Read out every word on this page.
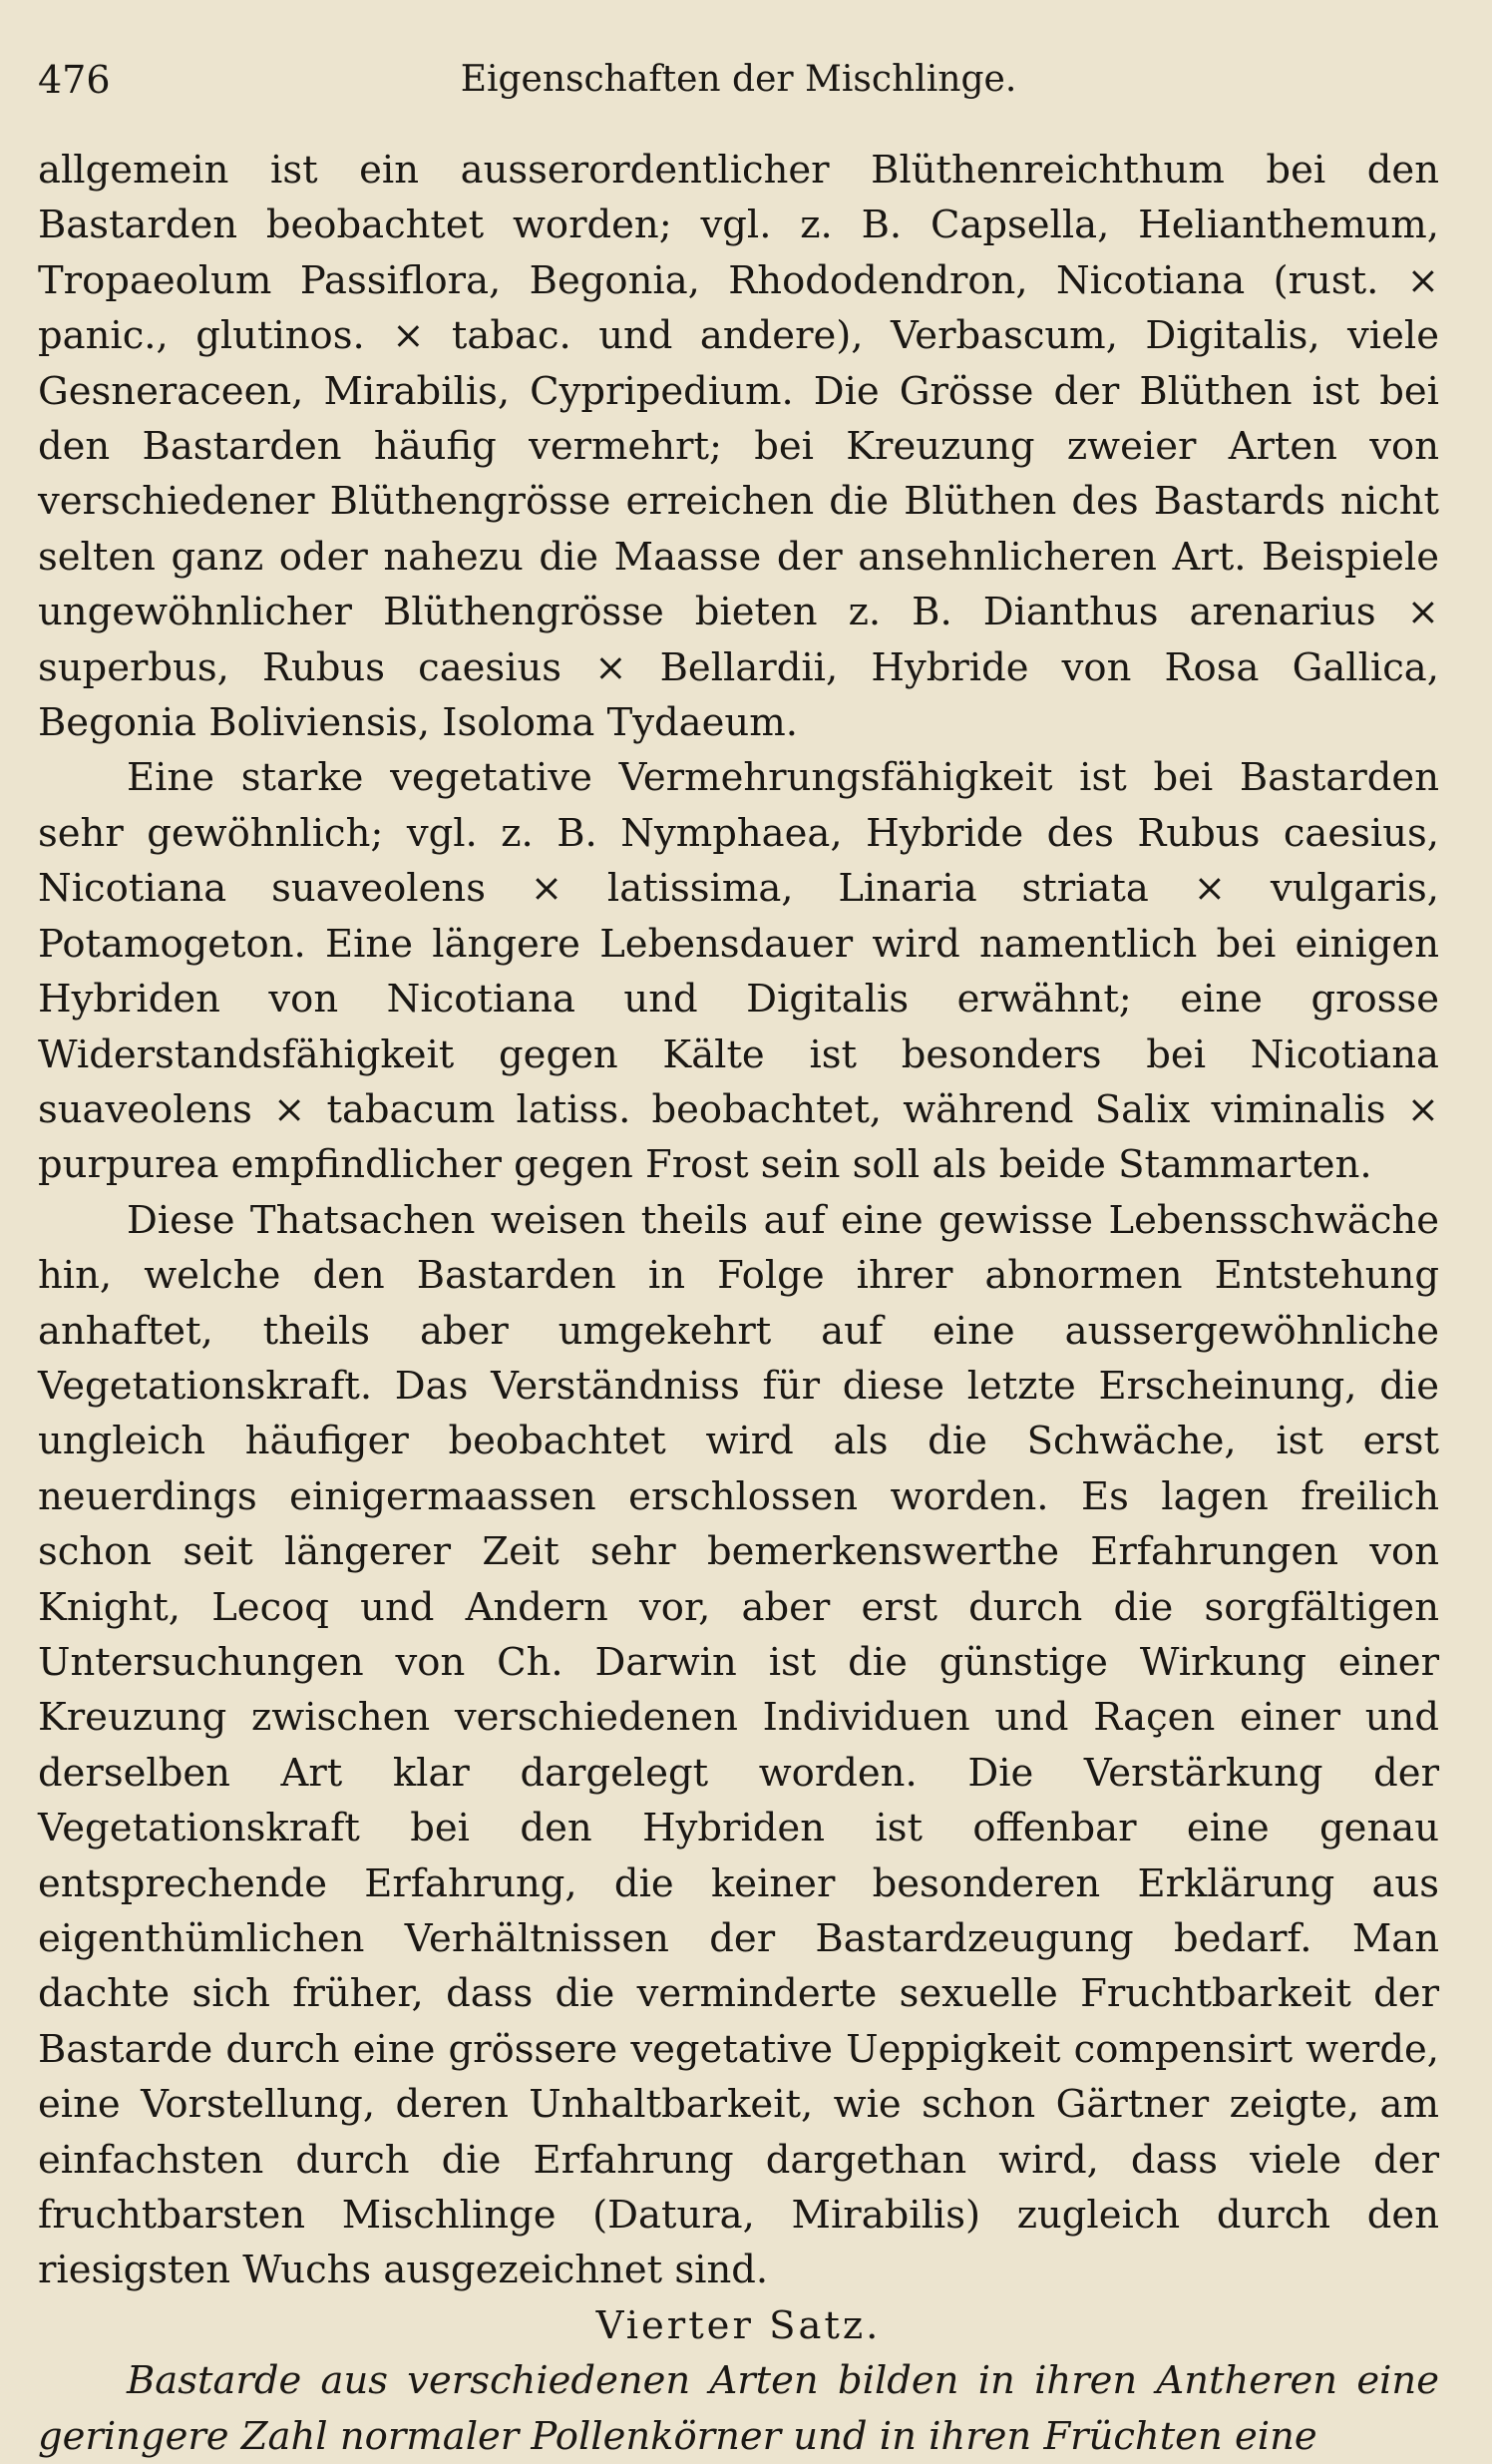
476	Eigenschaften der Mischlinge.

allgemein ist ein ausserordentlicher Blüthenreichthum bei den Bastarden beobachtet worden; vgl. z. B. Capsella, Helianthemum, Tropaeolum Passiflora, Begonia, Rhododendron, Nicotiana (rust. × panic., glutinos. × tabac. und andere), Verbascum, Digitalis, viele Gesneraceen, Mirabilis, Cypripedium. Die Grösse der Blüthen ist bei den Bastarden häufig vermehrt; bei Kreuzung zweier Arten von verschiedener Blüthengrösse erreichen die Blüthen des Bastards nicht selten ganz oder nahezu die Maasse der ansehnlicheren Art. Beispiele ungewöhnlicher Blüthengrösse bieten z. B. Dianthus arenarius × superbus, Rubus caesius × Bellardii, Hybride von Rosa Gallica, Begonia Boliviensis, Isoloma Tydaeum.

Eine starke vegetative Vermehrungsfähigkeit ist bei Bastarden sehr gewöhnlich; vgl. z. B. Nymphaea, Hybride des Rubus caesius, Nicotiana suaveolens × latissima, Linaria striata × vulgaris, Potamogeton. Eine längere Lebensdauer wird namentlich bei einigen Hybriden von Nicotiana und Digitalis erwähnt; eine grosse Widerstandsfähigkeit gegen Kälte ist besonders bei Nicotiana suaveolens × tabacum latiss. beobachtet, während Salix viminalis × purpurea empfindlicher gegen Frost sein soll als beide Stammarten.

Diese Thatsachen weisen theils auf eine gewisse Lebensschwäche hin, welche den Bastarden in Folge ihrer abnormen Entstehung anhaftet, theils aber umgekehrt auf eine aussergewöhnliche Vegetationskraft. Das Verständniss für diese letzte Erscheinung, die ungleich häufiger beobachtet wird als die Schwäche, ist erst neuerdings einigermaassen erschlossen worden. Es lagen freilich schon seit längerer Zeit sehr bemerkenswerthe Erfahrungen von Knight, Lecoq und Andern vor, aber erst durch die sorgfältigen Untersuchungen von Ch. Darwin ist die günstige Wirkung einer Kreuzung zwischen verschiedenen Individuen und Raçen einer und derselben Art klar dargelegt worden. Die Verstärkung der Vegetationskraft bei den Hybriden ist offenbar eine genau entsprechende Erfahrung, die keiner besonderen Erklärung aus eigenthümlichen Verhältnissen der Bastardzeugung bedarf. Man dachte sich früher, dass die verminderte sexuelle Fruchtbarkeit der Bastarde durch eine grössere vegetative Ueppigkeit compensirt werde, eine Vorstellung, deren Unhaltbarkeit, wie schon Gärtner zeigte, am einfachsten durch die Erfahrung dargethan wird, dass viele der fruchtbarsten Mischlinge (Datura, Mirabilis) zugleich durch den riesigsten Wuchs ausgezeichnet sind.

Vierter Satz.

Bastarde aus verschiedenen Arten bilden in ihren Antheren eine geringere Zahl normaler Pollenkörner und in ihren Früchten eine
